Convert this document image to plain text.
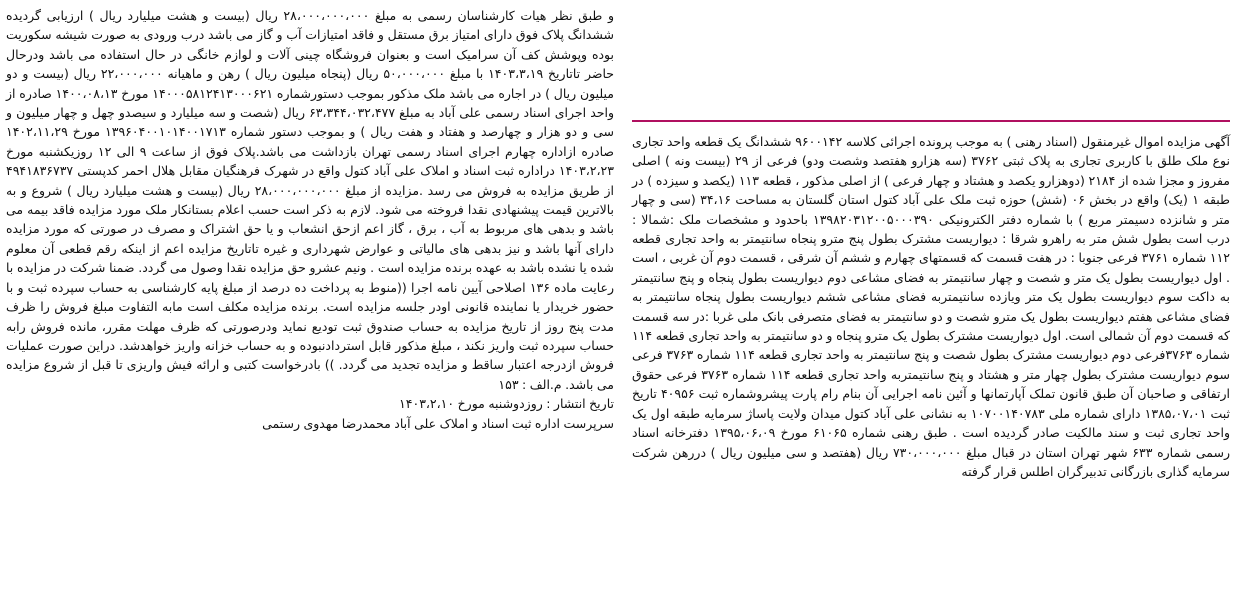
آگهی مزایده اموال غیرمنقول (اسناد رهنی ) به موجب پرونده اجرائی کلاسه ۹۶۰۰۱۴۲ ششدانگ یک قطعه واحد تجاری نوع ملک طلق با کاربری تجاری به پلاک ثبتی ۳۷۶۲ (سه هزارو هفتصد وشصت ودو) فرعی از ۲۹ (بیست ونه ) اصلی مفروز و مجزا شده از ۲۱۸۴ (دوهزارو یکصد و هشتاد و چهار فرعی ) از اصلی مذکور ، قطعه ۱۱۳ (یکصد و سیزده ) در طبقه ۱ (یک) واقع در بخش ۰۶ (شش) حوزه ثبت ملک علی آباد کتول استان گلستان به مساحت ۳۴،۱۶ (سی و چهار متر و شانزده دسیمتر مربع ) با شماره دفتر الکترونیکی ۱۳۹۸۲۰۳۱۲۰۰۵۰۰۰۳۹۰ باحدود و مشخصات ملک :شمالا : درب است بطول شش متر به راهرو شرقا : دیواریست مشترک بطول پنج مترو پنجاه سانتیمتر به واحد تجاری قطعه ۱۱۲ شماره ۳۷۶۱ فرعی جنوبا : در هفت قسمت که قسمتهای چهارم و ششم آن شرقی ، قسمت دوم آن غربی ، است . اول دیواریست بطول یک متر و شصت و چهار سانتیمتر به فضای مشاعی دوم دیواریست بطول پنجاه و پنج سانتیمتر به داکت سوم دیواریست بطول یک متر ویازده سانتیمتربه فضای مشاعی ششم دیواریست بطول پنجاه سانتیمتر به فضای مشاعی هفتم دیواریست بطول یک مترو شصت و دو سانتیمتر به فضای متصرفی بانک ملی غربا :در سه قسمت که قسمت دوم آن شمالی است. اول دیواریست مشترک بطول یک مترو پنجاه و دو سانتیمتر به واحد تجاری قطعه ۱۱۴ شماره ۳۷۶۳فرعی دوم دیواریست مشترک بطول شصت و پنج سانتیمتر به واحد تجاری قطعه ۱۱۴ شماره ۳۷۶۳ فرعی سوم دیواریست مشترک بطول چهار متر و هشتاد و پنج سانتیمتربه واحد تجاری قطعه ۱۱۴ شماره ۳۷۶۳ فرعی حقوق ارتفاقی و صاحبان آن طبق قانون تملک آپارتمانها و آئین نامه اجرایی آن بنام رام پارت پیشروشماره ثبت ۴۰۹۵۶ تاریخ ثبت ۱۳۸۵،۰۷،۰۱ دارای شماره ملی ۱۰۷۰۰۱۴۰۷۸۳ به نشانی علی آباد کتول میدان ولایت پاساژ سرمایه طبقه اول یک واحد تجاری ثبت و سند مالکیت صادر گردیده است . طبق رهنی شماره ۶۱۰۶۵ مورخ ۱۳۹۵،۰۶،۰۹ دفترخانه اسناد رسمی شماره ۶۳۳ شهر تهران استان در قبال مبلغ ۷۳۰،۰۰۰،۰۰۰ ریال (هفتصد و سی میلیون ریال ) دررهن شرکت سرمایه گذاری بازرگانی تدبیرگران اطلس قرار گرفته

و طبق نظر هیات کارشناسان رسمی به مبلغ ۲۸،۰۰۰،۰۰۰،۰۰۰ ریال (بیست و هشت میلیارد ریال ) ارزیابی گردیده ششدانگ پلاک فوق دارای امتیاز برق مستقل و فاقد امتیازات آب و گاز می باشد درب ورودی به صورت شیشه سکوریت بوده وپوشش کف آن سرامیک است و بعنوان فروشگاه چینی آلات و لوازم خانگی در حال استفاده می باشد ودرحال حاضر تاتاریخ ۱۴۰۳،۳،۱۹ با مبلغ ۵۰،۰۰۰،۰۰۰ ریال (پنجاه میلیون ریال ) رهن و ماهیانه ۲۲،۰۰۰،۰۰۰ ریال (بیست و دو میلیون ریال ) در اجاره می باشد ملک مذکور بموجب دستورشماره ۱۴۰۰۰۵۸۱۲۴۱۳۰۰۰۶۲۱ مورخ ۱۴۰۰،۰۸،۱۳ صادره از واحد اجرای اسناد رسمی علی آباد به مبلغ ۶۳،۳۴۴،۰۳۲،۴۷۷ ریال (شصت و سه میلیارد و سیصدو چهل و چهار میلیون و سی و دو هزار و چهارصد و هفتاد و هفت ریال ) و بموجب دستور شماره ۱۳۹۶۰۴۰۰۱۰۱۴۰۰۱۷۱۳ مورخ ۱۴۰۲،۱۱،۲۹ صادره ازاداره چهارم اجرای اسناد رسمی تهران بازداشت می باشد.پلاک فوق از ساعت ۹ الی ۱۲ روزیکشنبه مورخ ۱۴۰۳،۲،۲۳ دراداره ثبت اسناد و املاک علی آباد کتول واقع در شهرک فرهنگیان مقابل هلال احمر کدپستی ۴۹۴۱۸۳۶۷۳۷ از طریق مزایده به فروش می رسد .مزایده از مبلغ ۲۸،۰۰۰،۰۰۰،۰۰۰ ریال (بیست و هشت میلیارد ریال ) شروع و به بالاترین قیمت پیشنهادی نقدا فروخته می شود. لازم به ذکر است حسب اعلام بستانکار ملک مورد مزایده فاقد بیمه می باشد و بدهی های مربوط به آب ، برق ، گاز اعم ازحق انشعاب و یا حق اشتراک و مصرف در صورتی که مورد مزایده دارای آنها باشد و نیز بدهی های مالیاتی و عوارض شهرداری و غیره تاتاریخ مزایده اعم از اینکه رقم قطعی آن معلوم شده یا نشده باشد به عهده برنده مزایده است . ونیم عشرو حق مزایده نقدا وصول می گردد. ضمنا شرکت در مزایده با رعایت ماده ۱۳۶ اصلاحی آیین نامه اجرا ((منوط به پرداخت ده درصد از مبلغ پایه کارشناسی به حساب سپرده ثبت و با حضور خریدار یا نماینده قانونی اودر جلسه مزایده است. برنده مزایده مکلف است مابه التفاوت مبلغ فروش را ظرف مدت پنج روز از تاریخ مزایده به حساب صندوق ثبت تودیع نماید ودرصورتی که ظرف مهلت مقرر، مانده فروش رابه حساب سپرده ثبت واریز نکند ، مبلغ مذکور قابل استردادنبوده و به حساب خزانه واریز خواهدشد. دراین صورت عملیات فروش ازدرجه اعتبار ساقط و مزایده تجدید می گردد. )) بادرخواست کتبی و ارائه فیش واریزی تا قبل از شروع مزایده می باشد. م.الف : ۱۵۳

تاریخ انتشار : روزدوشنبه مورخ ۱۴۰۳،۲،۱۰

سرپرست اداره ثبت اسناد و املاک علی آباد محمدرضا مهدوی رستمی
